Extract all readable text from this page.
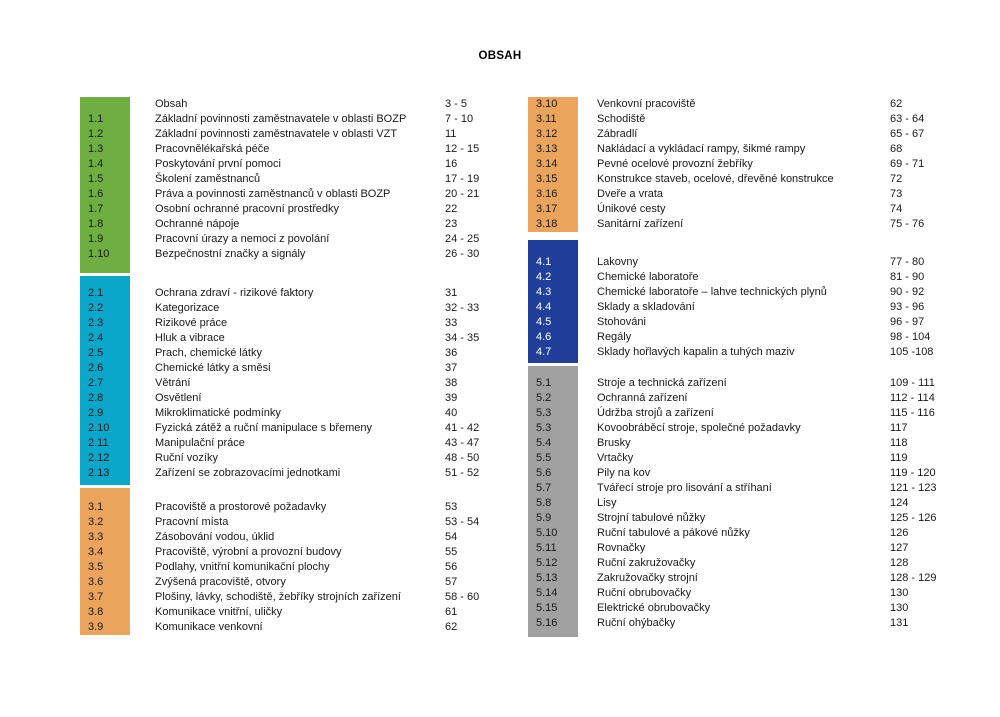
OBSAH
Obsah	3 - 5
1.1	Základní povinnosti zaměstnavatele v oblasti BOZP	7 - 10
1.2	Základní povinnosti zaměstnavatele v oblasti VZT	11
1.3	Pracovnělékařská péče	12 - 15
1.4	Poskytování první pomoci	16
1.5	Školení zaměstnanců	17 - 19
1.6	Práva a povinnosti zaměstnanců v oblasti BOZP	20 - 21
1.7	Osobní ochranné pracovní prostředky	22
1.8	Ochranné nápoje	23
1.9	Pracovní úrazy a nemoci z povolání	24 - 25
1.10	Bezpečnostní značky a signály	26 - 30
2.1	Ochrana zdraví - rizikové faktory	31
2.2	Kategorizace	32 - 33
2.3	Rizikové práce	33
2.4	Hluk a vibrace	34 - 35
2.5	Prach, chemické látky	36
2.6	Chemické látky a směsi	37
2.7	Větrání	38
2.8	Osvětlení	39
2.9	Mikroklimatické podmínky	40
2.10	Fyzická zátěž a ruční manipulace s břemeny	41 - 42
2.11	Manipulační práce	43 - 47
2.12	Ruční vozíky	48 - 50
2.13	Zařízení se zobrazovacími jednotkami	51 - 52
3.1	Pracoviště a prostorové požadavky	53
3.2	Pracovní místa	53 - 54
3.3	Zásobování vodou, úklid	54
3.4	Pracoviště, výrobní a provozní budovy	55
3.5	Podlahy, vnitřní komunikační plochy	56
3.6	Zvýšená pracoviště, otvory	57
3.7	Plošiny, lávky, schodiště, žebříky strojních zařízení	58 - 60
3.8	Komunikace vnitřní, uličky	61
3.9	Komunikace venkovní	62
3.10	Venkovní pracoviště	62
3.11	Schodiště	63 - 64
3.12	Zábradlí	65 - 67
3.13	Nakládací a vykládací rampy, šikmé rampy	68
3.14	Pevné ocelové provozní žebříky	69 - 71
3.15	Konstrukce staveb, ocelové, dřevěné konstrukce	72
3.16	Dveře a vrata	73
3.17	Únikové cesty	74
3.18	Sanitární zařízení	75 - 76
4.1	Lakovny	77 - 80
4.2	Chemické laboratoře	81 - 90
4.3	Chemické laboratoře – lahve technických plynů	90 - 92
4.4	Sklady a skladování	93 - 96
4.5	Stohováni	96 - 97
4.6	Regály	98 - 104
4.7	Sklady hořlavých kapalin a tuhých maziv	105 -108
5.1	Stroje a technická zařízení	109 - 111
5.2	Ochranná zařízení	112 - 114
5.3	Údržba strojů a zařízení	115 - 116
5.3	Kovoobráběcí stroje, společné požadavky	117
5.4	Brusky	118
5.5	Vrtačky	119
5.6	Pily na kov	119 - 120
5.7	Tvářecí stroje pro lisování a stříhaní	121 - 123
5.8	Lisy	124
5.9	Strojní tabulové nůžky	125 - 126
5.10	Ruční tabulové a pákové nůžky	126
5.11	Rovnačky	127
5.12	Ruční zakružovačky	128
5.13	Zakružovačky strojní	128 - 129
5.14	Ruční obrubovačky	130
5.15	Elektrické obrubovačky	130
5.16	Ruční ohýbačky	131
